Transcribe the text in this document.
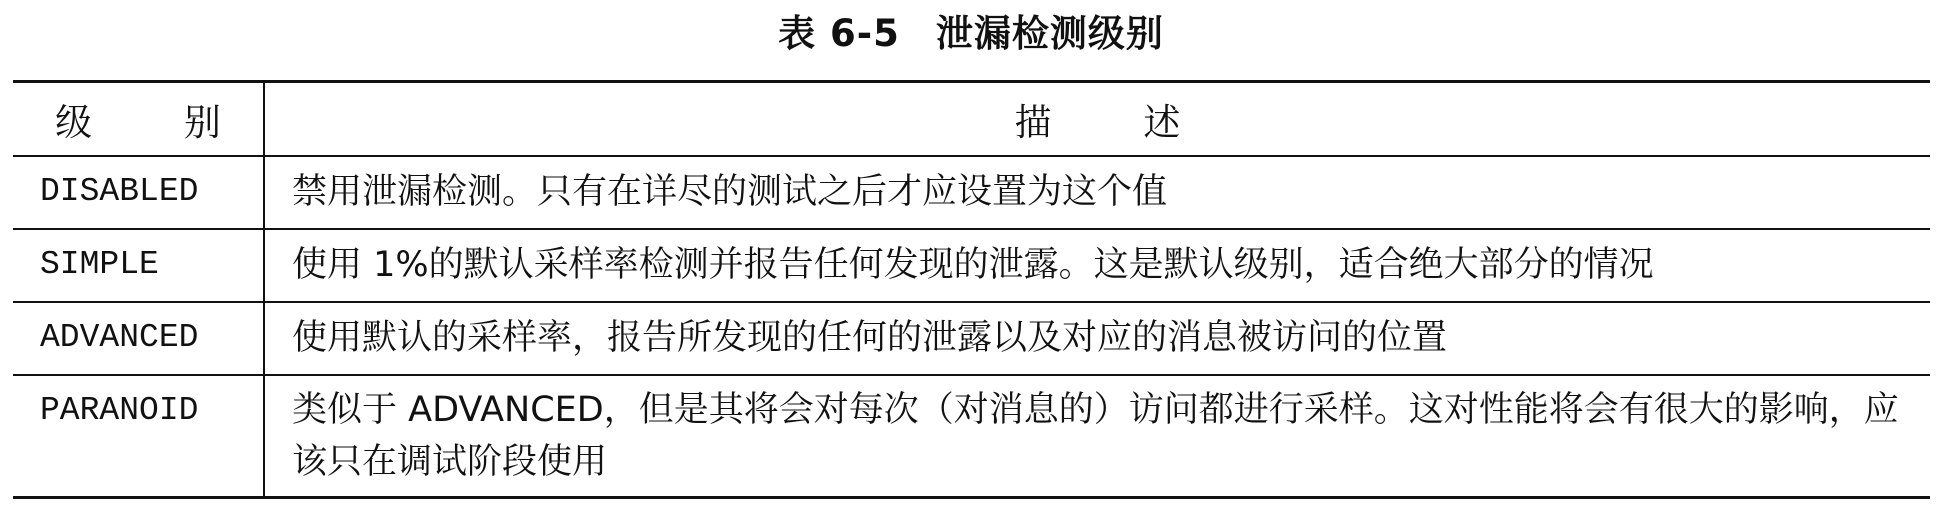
表 6-5 泄漏检测级别
级 别	描 述
DISABLED	禁用泄漏检测。只有在详尽的测试之后才应设置为这个值
SIMPLE	使用 1%的默认采样率检测并报告任何发现的泄露。这是默认级别，适合绝大部分的情况
ADVANCED	使用默认的采样率，报告所发现的任何的泄露以及对应的消息被访问的位置
PARANOID	类似于 ADVANCED，但是其将会对每次（对消息的）访问都进行采样。这对性能将会有很大的影响，应该只在调试阶段使用
